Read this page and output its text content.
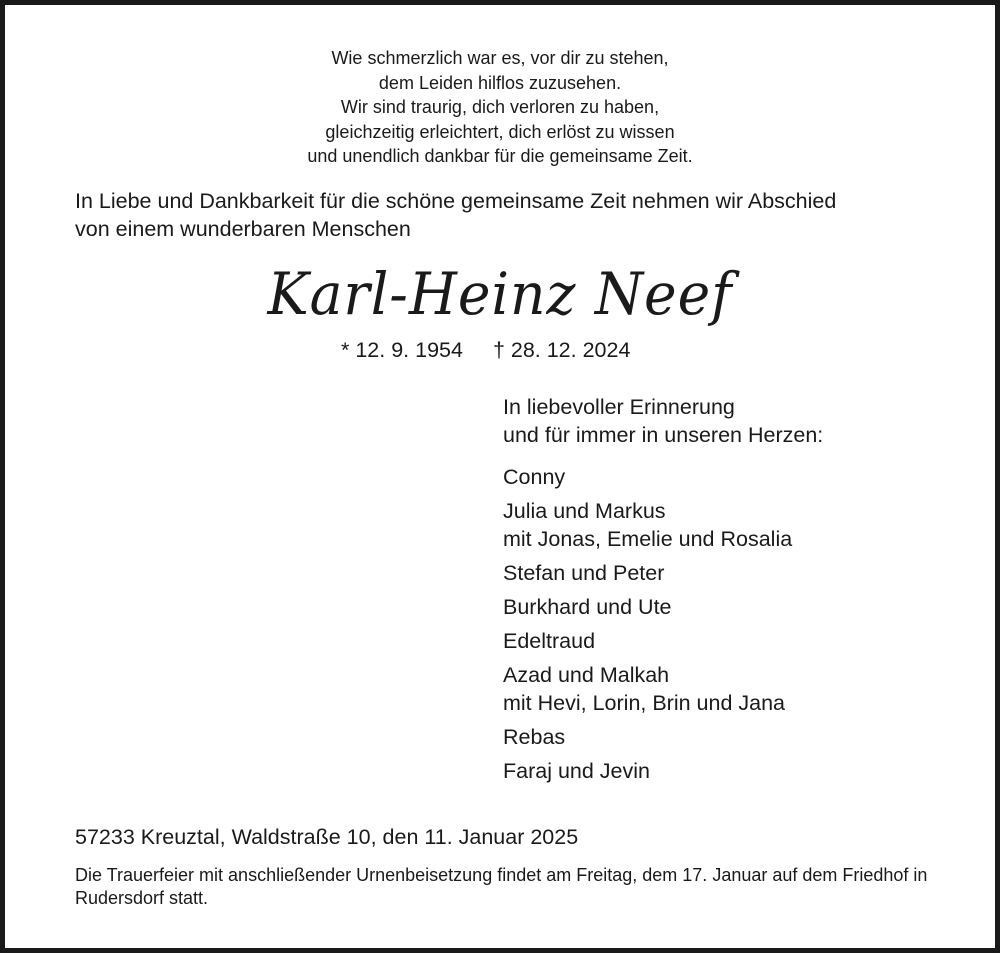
Wie schmerzlich war es, vor dir zu stehen,
dem Leiden hilflos zuzusehen.
Wir sind traurig, dich verloren zu haben,
gleichzeitig erleichtert, dich erlöst zu wissen
und unendlich dankbar für die gemeinsame Zeit.
In Liebe und Dankbarkeit für die schöne gemeinsame Zeit nehmen wir Abschied
von einem wunderbaren Menschen
Karl-Heinz Neef
* 12. 9. 1954 † 28. 12. 2024
In liebevoller Erinnerung
und für immer in unseren Herzen:
Conny
Julia und Markus
mit Jonas, Emelie und Rosalia
Stefan und Peter
Burkhard und Ute
Edeltraud
Azad und Malkah
mit Hevi, Lorin, Brin und Jana
Rebas
Faraj und Jevin
57233 Kreuztal, Waldstraße 10, den 11. Januar 2025
Die Trauerfeier mit anschließender Urnenbeisetzung findet am Freitag, dem 17. Januar auf dem Friedhof in Rudersdorf statt.
